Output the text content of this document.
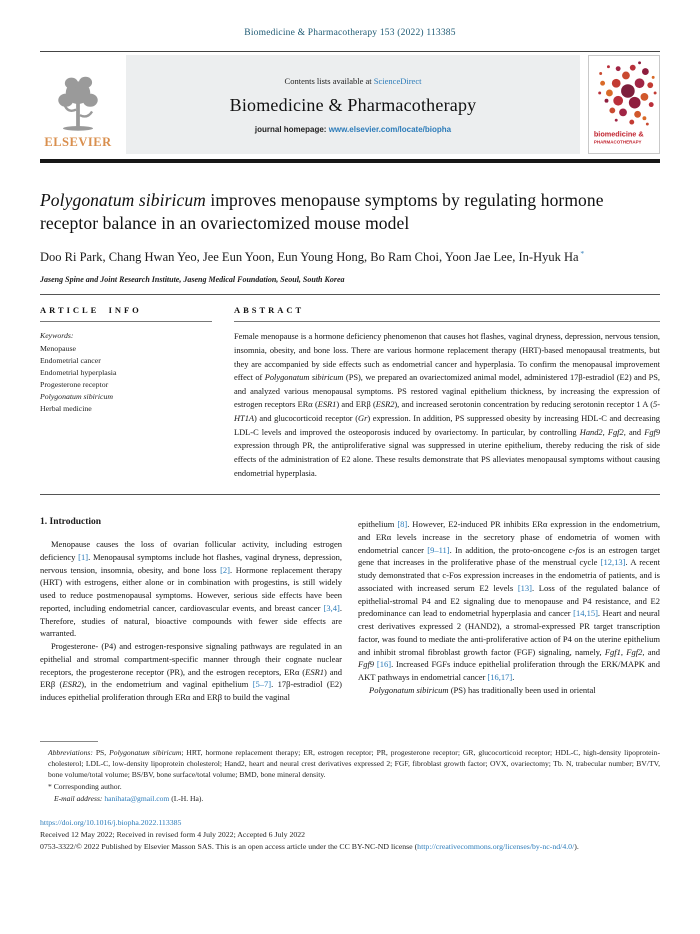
Biomedicine & Pharmacotherapy 153 (2022) 113385
ELSEVIER
Contents lists available at ScienceDirect
Biomedicine & Pharmacotherapy
journal homepage: www.elsevier.com/locate/biopha
biomedicine &
PHARMACOTHERAPY
Polygonatum sibiricum improves menopause symptoms by regulating hormone receptor balance in an ovariectomized mouse model
Doo Ri Park, Chang Hwan Yeo, Jee Eun Yoon, Eun Young Hong, Bo Ram Choi, Yoon Jae Lee, In-Hyuk Ha *
Jaseng Spine and Joint Research Institute, Jaseng Medical Foundation, Seoul, South Korea
ARTICLE INFO
Keywords:
Menopause
Endometrial cancer
Endometrial hyperplasia
Progesterone receptor
Polygonatum sibiricum
Herbal medicine
ABSTRACT
Female menopause is a hormone deficiency phenomenon that causes hot flashes, vaginal dryness, depression, nervous tension, insomnia, obesity, and bone loss. There are various hormone replacement therapy (HRT)-based menopausal treatments, but they are accompanied by side effects such as endometrial cancer and hyperplasia. To confirm the menopausal improvement effect of Polygonatum sibiricum (PS), we prepared an ovariectomized animal model, administered 17β-estradiol (E2) and PS, and analyzed various menopausal symptoms. PS restored vaginal epithelium thickness, by increasing the expression of estrogen receptors ERα (ESR1) and ERβ (ESR2), and increased serotonin concentration by reducing serotonin receptor 1 A (5-HT1A) and glucocorticoid receptor (Gr) expression. In addition, PS suppressed obesity by increasing HDL-C and decreasing LDL-C levels and improved the osteoporosis induced by ovariectomy. In particular, by controlling Hand2, Fgf2, and Fgf9 expression through PR, the antiproliferative signal was suppressed in uterine epithelium, thereby reducing the risk of side effects of the administration of E2 alone. These results demonstrate that PS alleviates menopausal symptoms without causing endometrial hyperplasia.
1. Introduction

Menopause causes the loss of ovarian follicular activity, including estrogen deficiency [1]. Menopausal symptoms include hot flashes, vaginal dryness, depression, nervous tension, insomnia, obesity, and bone loss [2]. Hormone replacement therapy (HRT) with estrogens, either alone or in combination with progestins, is still widely used to reduce postmenopausal symptoms. However, serious side effects have been reported, including endometrial cancer, cardiovascular events, and breast cancer [3,4]. Therefore, studies of natural, bioactive compounds with fewer side effects are warranted.

Progesterone- (P4) and estrogen-responsive signaling pathways are regulated in an epithelial and stromal compartment-specific manner through their cognate nuclear receptors, the progesterone receptor (PR), and the estrogen receptors, ERα (ESR1) and ERβ (ESR2), in the endometrium and vaginal epithelium [5–7]. 17β-estradiol (E2) induces epithelial proliferation through ERα and ERβ to build the vaginal

epithelium [8]. However, E2-induced PR inhibits ERα expression in the endometrium, and ERα levels increase in the secretory phase of endometria of women with endometrial cancer [9–11]. In addition, the proto-oncogene c-fos is an estrogen target gene that increases in the proliferative phase of the menstrual cycle [12,13]. A recent study demonstrated that c-Fos expression increases in the endometria of patients, and is associated with increased serum E2 levels [13]. Loss of the regulated balance of epithelial-stromal P4 and E2 signaling due to menopause and P4 resistance, and E2 predominance can lead to endometrial hyperplasia and cancer [14,15]. Heart and neural crest derivatives expressed 2 (HAND2), a stromal-expressed PR target transcription factor, was found to mediate the anti-proliferative action of P4 on the uterine epithelium and inhibit stromal fibroblast growth factor (FGF) signaling, namely, Fgf1, Fgf2, and Fgf9 [16]. Increased FGFs induce epithelial proliferation through the ERK/MAPK and AKT pathways in endometrial cancer [16,17].

Polygonatum sibiricum (PS) has traditionally been used in oriental

Abbreviations: PS, Polygonatum sibiricum; HRT, hormone replacement therapy; ER, estrogen receptor; PR, progesterone receptor; GR, glucocorticoid receptor; HDL-C, high-density lipoprotein-cholesterol; LDL-C, low-density lipoprotein cholesterol; Hand2, heart and neural crest derivatives expressed 2; FGF, fibroblast growth factor; OVX, ovariectomy; Tb. N, trabecular number; BV/TV, bone volume/total volume; BS/BV, bone surface/total volume; BMD, bone mineral density.
* Corresponding author.
E-mail address: hanihata@gmail.com (I.-H. Ha).
https://doi.org/10.1016/j.biopha.2022.113385
Received 12 May 2022; Received in revised form 4 July 2022; Accepted 6 July 2022
0753-3322/© 2022 Published by Elsevier Masson SAS. This is an open access article under the CC BY-NC-ND license (http://creativecommons.org/licenses/by-nc-nd/4.0/).
